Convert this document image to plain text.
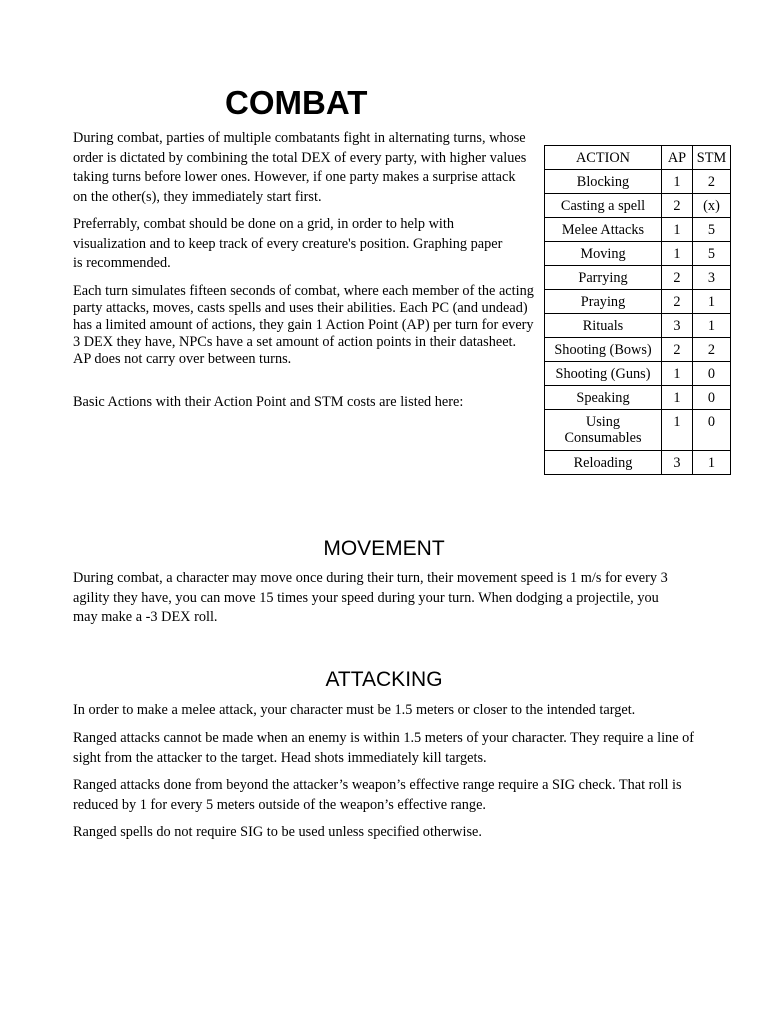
COMBAT

During combat, parties of multiple combatants fight in alternating turns, whose order is dictated by combining the total DEX of every party, with higher values taking turns before lower ones. However, if one party makes a surprise attack on the other(s), they immediately start first.

Preferrably, combat should be done on a grid, in order to help with visualization and to keep track of every creature's position. Graphing paper is recommended.

Each turn simulates fifteen seconds of combat, where each member of the acting party attacks, moves, casts spells and uses their abilities. Each PC (and undead) has a limited amount of actions, they gain 1 Action Point (AP) per turn for every 3 DEX they have, NPCs have a set amount of action points in their datasheet. AP does not carry over between turns.

Basic Actions with their Action Point and STM costs are listed here:

ACTION	AP	STM
Blocking	1	2
Casting a spell	2	(x)
Melee Attacks	1	5
Moving	1	5
Parrying	2	3
Praying	2	1
Rituals	3	1
Shooting (Bows)	2	2
Shooting (Guns)	1	0
Speaking	1	0
Using Consumables	1	0
Reloading	3	1
MOVEMENT

During combat, a character may move once during their turn, their movement speed is 1 m/s for every 3 agility they have, you can move 15 times your speed during your turn. When dodging a projectile, you may make a -3 DEX roll.

ATTACKING

In order to make a melee attack, your character must be 1.5 meters or closer to the intended target.

Ranged attacks cannot be made when an enemy is within 1.5 meters of your character. They require a line of sight from the attacker to the target. Head shots immediately kill targets.

Ranged attacks done from beyond the attacker’s weapon’s effective range require a SIG check. That roll is reduced by 1 for every 5 meters outside of the weapon’s effective range.

Ranged spells do not require SIG to be used unless specified otherwise.
